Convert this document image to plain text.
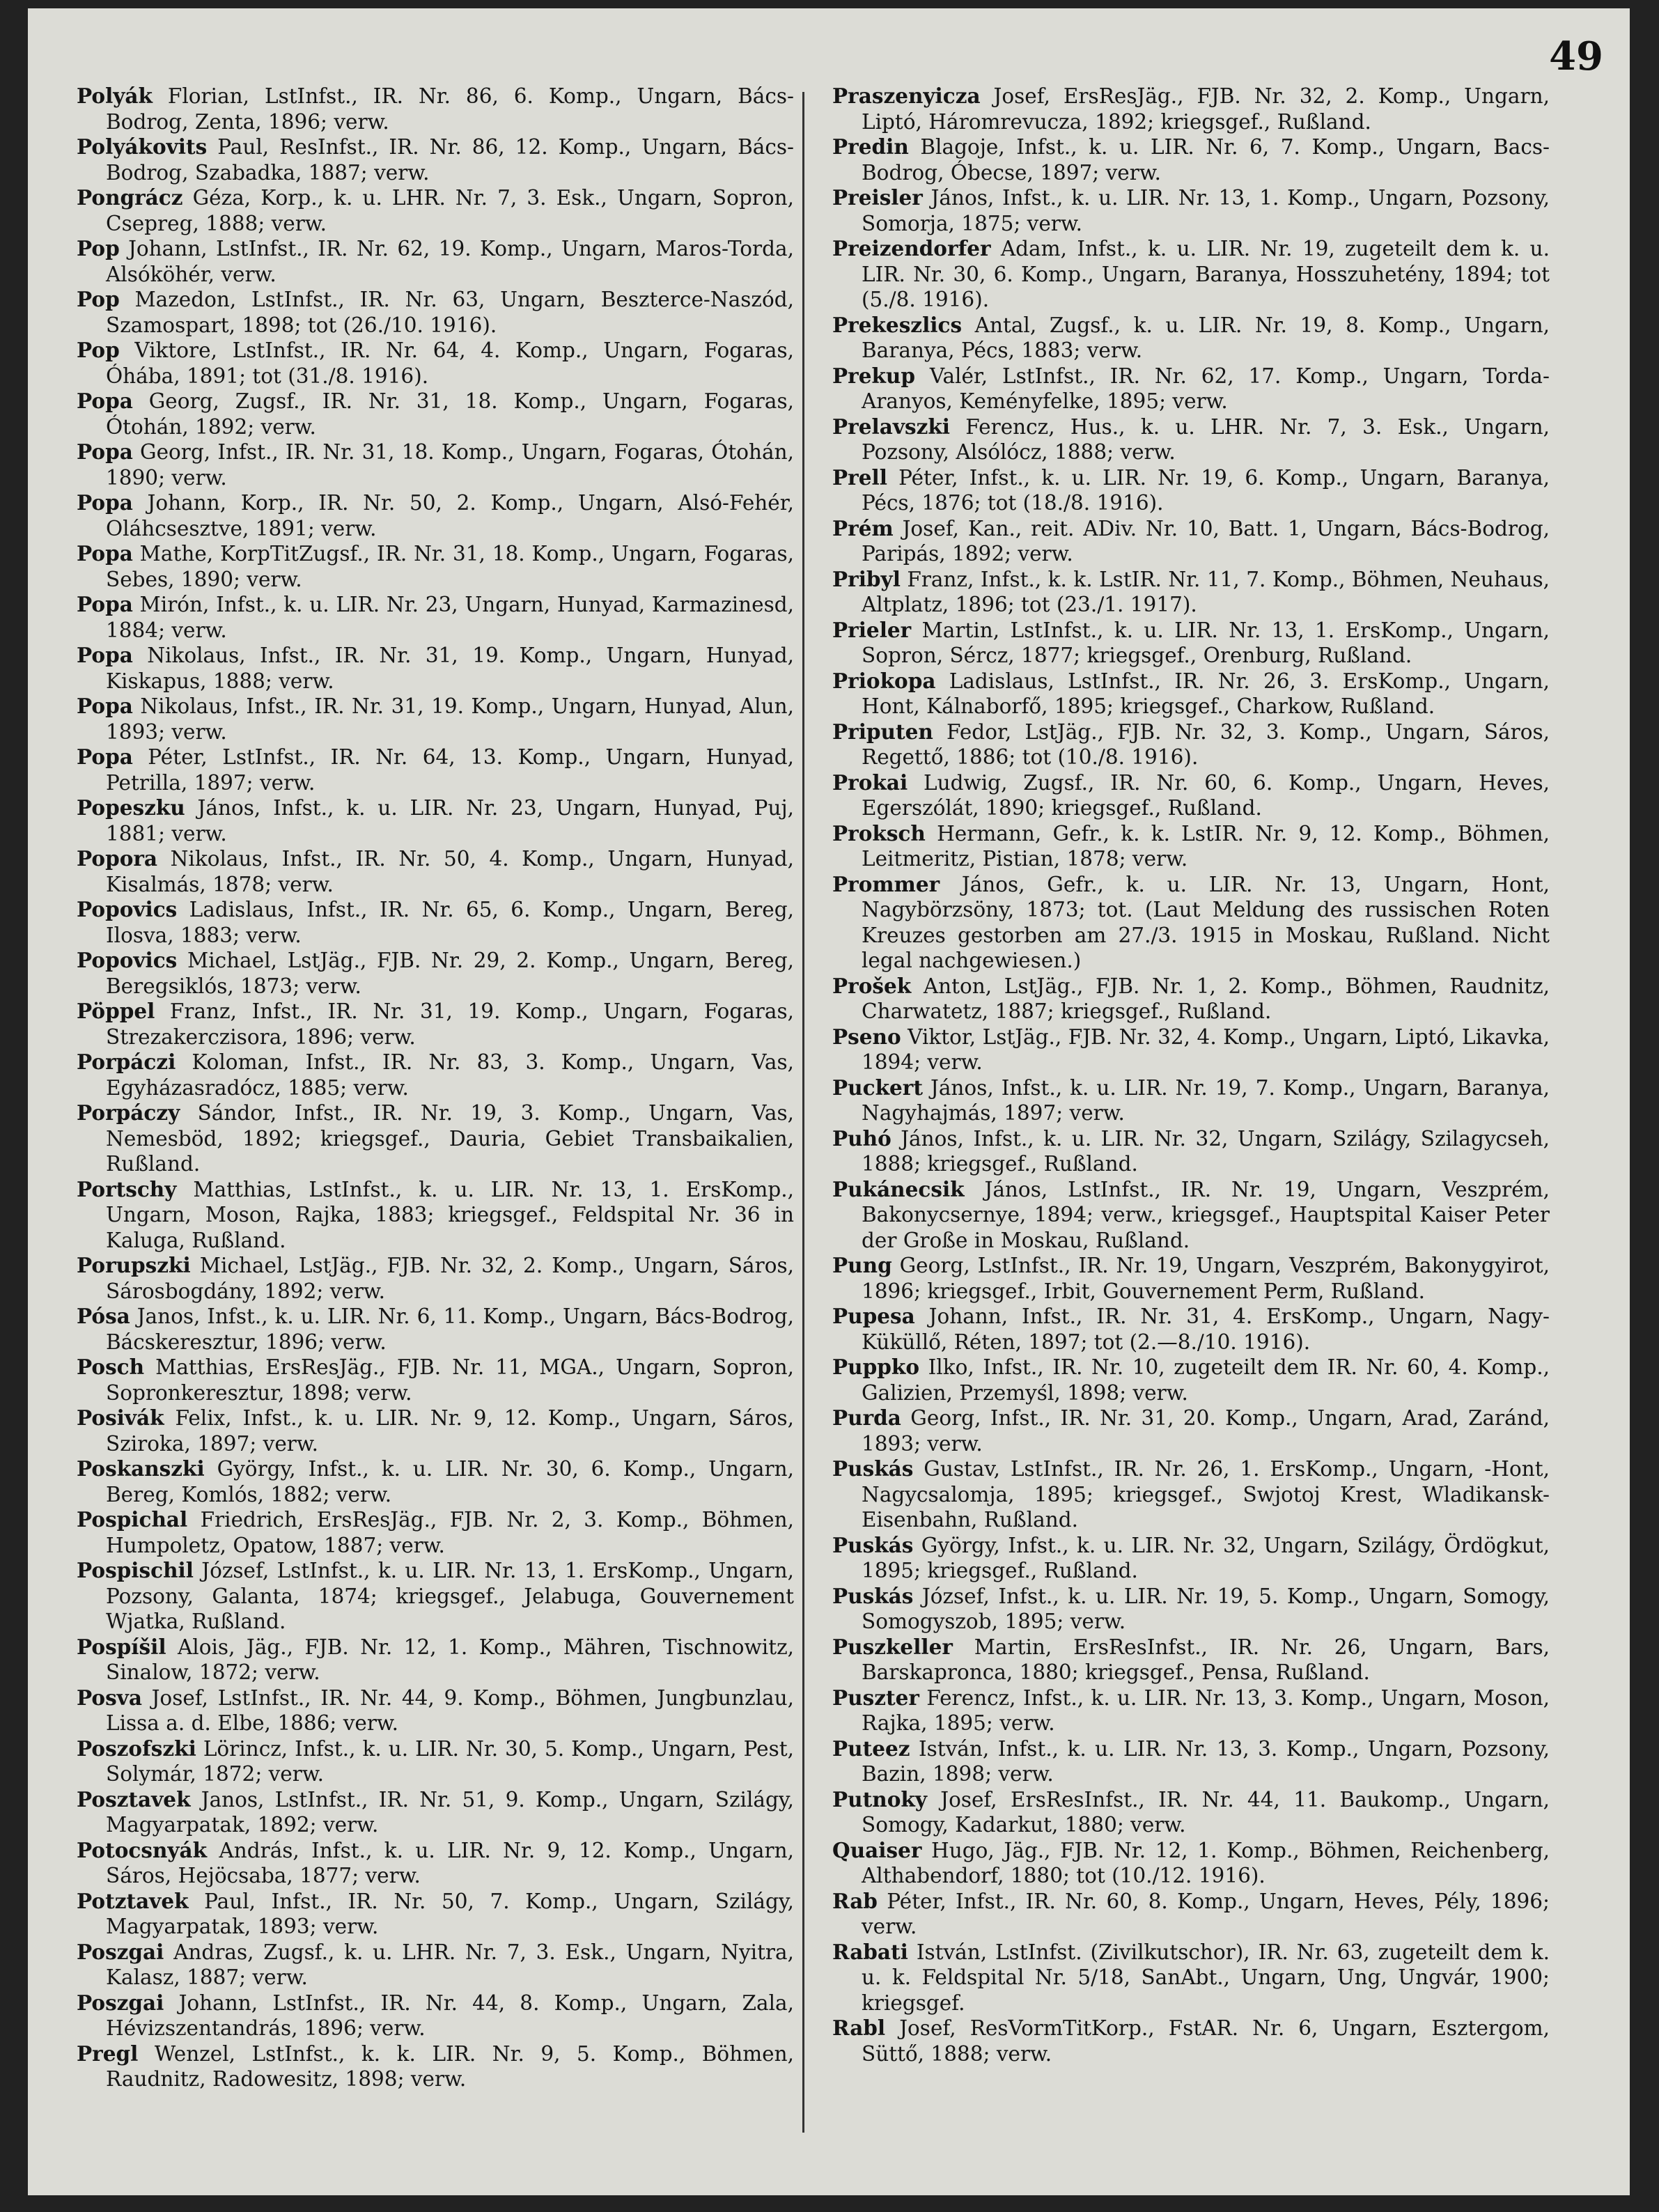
49

Polyák Florian, LstInfst., IR. Nr. 86, 6. Komp., Ungarn, Bács-Bodrog, Zenta, 1896; verw.

Polyákovits Paul, ResInfst., IR. Nr. 86, 12. Komp., Ungarn, Bács-Bodrog, Szabadka, 1887; verw.

Pongrácz Géza, Korp., k. u. LHR. Nr. 7, 3. Esk., Ungarn, Sopron, Csepreg, 1888; verw.

Pop Johann, LstInfst., IR. Nr. 62, 19. Komp., Ungarn, Maros-Torda, Alsóköhér, verw.

Pop Mazedon, LstInfst., IR. Nr. 63, Ungarn, Beszterce-Naszód, Szamospart, 1898; tot (26./10. 1916).

Pop Viktore, LstInfst., IR. Nr. 64, 4. Komp., Ungarn, Fogaras, Óhába, 1891; tot (31./8. 1916).

Popa Georg, Zugsf., IR. Nr. 31, 18. Komp., Ungarn, Fogaras, Ótohán, 1892; verw.

Popa Georg, Infst., IR. Nr. 31, 18. Komp., Ungarn, Fogaras, Ótohán, 1890; verw.

Popa Johann, Korp., IR. Nr. 50, 2. Komp., Ungarn, Alsó-Fehér, Oláhcsesztve, 1891; verw.

Popa Mathe, KorpTitZugsf., IR. Nr. 31, 18. Komp., Ungarn, Fogaras, Sebes, 1890; verw.

Popa Mirón, Infst., k. u. LIR. Nr. 23, Ungarn, Hunyad, Karmazinesd, 1884; verw.

Popa Nikolaus, Infst., IR. Nr. 31, 19. Komp., Ungarn, Hunyad, Kiskapus, 1888; verw.

Popa Nikolaus, Infst., IR. Nr. 31, 19. Komp., Ungarn, Hunyad, Alun, 1893; verw.

Popa Péter, LstInfst., IR. Nr. 64, 13. Komp., Ungarn, Hunyad, Petrilla, 1897; verw.

Popeszku János, Infst., k. u. LIR. Nr. 23, Ungarn, Hunyad, Puj, 1881; verw.

Popora Nikolaus, Infst., IR. Nr. 50, 4. Komp., Ungarn, Hunyad, Kisalmás, 1878; verw.

Popovics Ladislaus, Infst., IR. Nr. 65, 6. Komp., Ungarn, Bereg, Ilosva, 1883; verw.

Popovics Michael, LstJäg., FJB. Nr. 29, 2. Komp., Ungarn, Bereg, Beregsiklós, 1873; verw.

Pöppel Franz, Infst., IR. Nr. 31, 19. Komp., Ungarn, Fogaras, Strezakerczisora, 1896; verw.

Porpáczi Koloman, Infst., IR. Nr. 83, 3. Komp., Ungarn, Vas, Egyházasradócz, 1885; verw.

Porpáczy Sándor, Infst., IR. Nr. 19, 3. Komp., Ungarn, Vas, Nemesböd, 1892; kriegsgef., Dauria, Gebiet Transbaikalien, Rußland.

Portschy Matthias, LstInfst., k. u. LIR. Nr. 13, 1. ErsKomp., Ungarn, Moson, Rajka, 1883; kriegsgef., Feldspital Nr. 36 in Kaluga, Rußland.

Porupszki Michael, LstJäg., FJB. Nr. 32, 2. Komp., Ungarn, Sáros, Sárosbogdány, 1892; verw.

Pósa Janos, Infst., k. u. LIR. Nr. 6, 11. Komp., Ungarn, Bács-Bodrog, Bácskeresztur, 1896; verw.

Posch Matthias, ErsResJäg., FJB. Nr. 11, MGA., Ungarn, Sopron, Sopronkeresztur, 1898; verw.

Posivák Felix, Infst., k. u. LIR. Nr. 9, 12. Komp., Ungarn, Sáros, Sziroka, 1897; verw.

Poskanszki György, Infst., k. u. LIR. Nr. 30, 6. Komp., Ungarn, Bereg, Komlós, 1882; verw.

Pospichal Friedrich, ErsResJäg., FJB. Nr. 2, 3. Komp., Böhmen, Humpoletz, Opatow, 1887; verw.

Pospischil József, LstInfst., k. u. LIR. Nr. 13, 1. ErsKomp., Ungarn, Pozsony, Galanta, 1874; kriegsgef., Jelabuga, Gouvernement Wjatka, Rußland.

Pospíšil Alois, Jäg., FJB. Nr. 12, 1. Komp., Mähren, Tischnowitz, Sinalow, 1872; verw.

Posva Josef, LstInfst., IR. Nr. 44, 9. Komp., Böhmen, Jungbunzlau, Lissa a. d. Elbe, 1886; verw.

Poszofszki Lörincz, Infst., k. u. LIR. Nr. 30, 5. Komp., Ungarn, Pest, Solymár, 1872; verw.

Posztavek Janos, LstInfst., IR. Nr. 51, 9. Komp., Ungarn, Szilágy, Magyarpatak, 1892; verw.

Potocsnyák András, Infst., k. u. LIR. Nr. 9, 12. Komp., Ungarn, Sáros, Hejöcsaba, 1877; verw.

Potztavek Paul, Infst., IR. Nr. 50, 7. Komp., Ungarn, Szilágy, Magyarpatak, 1893; verw.

Poszgai Andras, Zugsf., k. u. LHR. Nr. 7, 3. Esk., Ungarn, Nyitra, Kalasz, 1887; verw.

Poszgai Johann, LstInfst., IR. Nr. 44, 8. Komp., Ungarn, Zala, Hévizszentandrás, 1896; verw.

Pregl Wenzel, LstInfst., k. k. LIR. Nr. 9, 5. Komp., Böhmen, Raudnitz, Radowesitz, 1898; verw.

Praszenyicza Josef, ErsResJäg., FJB. Nr. 32, 2. Komp., Ungarn, Liptó, Háromrevucza, 1892; kriegsgef., Rußland.

Predin Blagoje, Infst., k. u. LIR. Nr. 6, 7. Komp., Ungarn, Bacs-Bodrog, Óbecse, 1897; verw.

Preisler János, Infst., k. u. LIR. Nr. 13, 1. Komp., Ungarn, Pozsony, Somorja, 1875; verw.

Preizendorfer Adam, Infst., k. u. LIR. Nr. 19, zugeteilt dem k. u. LIR. Nr. 30, 6. Komp., Ungarn, Baranya, Hosszuhetény, 1894; tot (5./8. 1916).

Prekeszlics Antal, Zugsf., k. u. LIR. Nr. 19, 8. Komp., Ungarn, Baranya, Pécs, 1883; verw.

Prekup Valér, LstInfst., IR. Nr. 62, 17. Komp., Ungarn, Torda-Aranyos, Keményfelke, 1895; verw.

Prelavszki Ferencz, Hus., k. u. LHR. Nr. 7, 3. Esk., Ungarn, Pozsony, Alsólócz, 1888; verw.

Prell Péter, Infst., k. u. LIR. Nr. 19, 6. Komp., Ungarn, Baranya, Pécs, 1876; tot (18./8. 1916).

Prém Josef, Kan., reit. ADiv. Nr. 10, Batt. 1, Ungarn, Bács-Bodrog, Paripás, 1892; verw.

Pribyl Franz, Infst., k. k. LstIR. Nr. 11, 7. Komp., Böhmen, Neuhaus, Altplatz, 1896; tot (23./1. 1917).

Prieler Martin, LstInfst., k. u. LIR. Nr. 13, 1. ErsKomp., Ungarn, Sopron, Sércz, 1877; kriegsgef., Orenburg, Rußland.

Priokopa Ladislaus, LstInfst., IR. Nr. 26, 3. ErsKomp., Ungarn, Hont, Kálnaborfő, 1895; kriegsgef., Charkow, Rußland.

Priputen Fedor, LstJäg., FJB. Nr. 32, 3. Komp., Ungarn, Sáros, Regettő, 1886; tot (10./8. 1916).

Prokai Ludwig, Zugsf., IR. Nr. 60, 6. Komp., Ungarn, Heves, Egerszólát, 1890; kriegsgef., Rußland.

Proksch Hermann, Gefr., k. k. LstIR. Nr. 9, 12. Komp., Böhmen, Leitmeritz, Pistian, 1878; verw.

Prommer János, Gefr., k. u. LIR. Nr. 13, Ungarn, Hont, Nagybörzsöny, 1873; tot. (Laut Meldung des russischen Roten Kreuzes gestorben am 27./3. 1915 in Moskau, Rußland. Nicht legal nachgewiesen.)

Prošek Anton, LstJäg., FJB. Nr. 1, 2. Komp., Böhmen, Raudnitz, Charwatetz, 1887; kriegsgef., Rußland.

Pseno Viktor, LstJäg., FJB. Nr. 32, 4. Komp., Ungarn, Liptó, Likavka, 1894; verw.

Puckert János, Infst., k. u. LIR. Nr. 19, 7. Komp., Ungarn, Baranya, Nagyhajmás, 1897; verw.

Puhó János, Infst., k. u. LIR. Nr. 32, Ungarn, Szilágy, Szilagycseh, 1888; kriegsgef., Rußland.

Pukánecsik János, LstInfst., IR. Nr. 19, Ungarn, Veszprém, Bakonycsernye, 1894; verw., kriegsgef., Hauptspital Kaiser Peter der Große in Moskau, Rußland.

Pung Georg, LstInfst., IR. Nr. 19, Ungarn, Veszprém, Bakonygyirot, 1896; kriegsgef., Irbit, Gouvernement Perm, Rußland.

Pupesa Johann, Infst., IR. Nr. 31, 4. ErsKomp., Ungarn, Nagy-Küküllő, Réten, 1897; tot (2.—8./10. 1916).

Puppko Ilko, Infst., IR. Nr. 10, zugeteilt dem IR. Nr. 60, 4. Komp., Galizien, Przemyśl, 1898; verw.

Purda Georg, Infst., IR. Nr. 31, 20. Komp., Ungarn, Arad, Zaránd, 1893; verw.

Puskás Gustav, LstInfst., IR. Nr. 26, 1. ErsKomp., Ungarn, -Hont, Nagycsalomja, 1895; kriegsgef., Swjotoj Krest, Wladikansk-Eisenbahn, Rußland.

Puskás György, Infst., k. u. LIR. Nr. 32, Ungarn, Szilágy, Ördögkut, 1895; kriegsgef., Rußland.

Puskás József, Infst., k. u. LIR. Nr. 19, 5. Komp., Ungarn, Somogy, Somogyszob, 1895; verw.

Puszkeller Martin, ErsResInfst., IR. Nr. 26, Ungarn, Bars, Barskapronca, 1880; kriegsgef., Pensa, Rußland.

Puszter Ferencz, Infst., k. u. LIR. Nr. 13, 3. Komp., Ungarn, Moson, Rajka, 1895; verw.

Puteez István, Infst., k. u. LIR. Nr. 13, 3. Komp., Ungarn, Pozsony, Bazin, 1898; verw.

Putnoky Josef, ErsResInfst., IR. Nr. 44, 11. Baukomp., Ungarn, Somogy, Kadarkut, 1880; verw.

Quaiser Hugo, Jäg., FJB. Nr. 12, 1. Komp., Böhmen, Reichenberg, Althabendorf, 1880; tot (10./12. 1916).

Rab Péter, Infst., IR. Nr. 60, 8. Komp., Ungarn, Heves, Pély, 1896; verw.

Rabati István, LstInfst. (Zivilkutschor), IR. Nr. 63, zugeteilt dem k. u. k. Feldspital Nr. 5/18, SanAbt., Ungarn, Ung, Ungvár, 1900; kriegsgef.

Rabl Josef, ResVormTitKorp., FstAR. Nr. 6, Ungarn, Esztergom, Süttő, 1888; verw.
